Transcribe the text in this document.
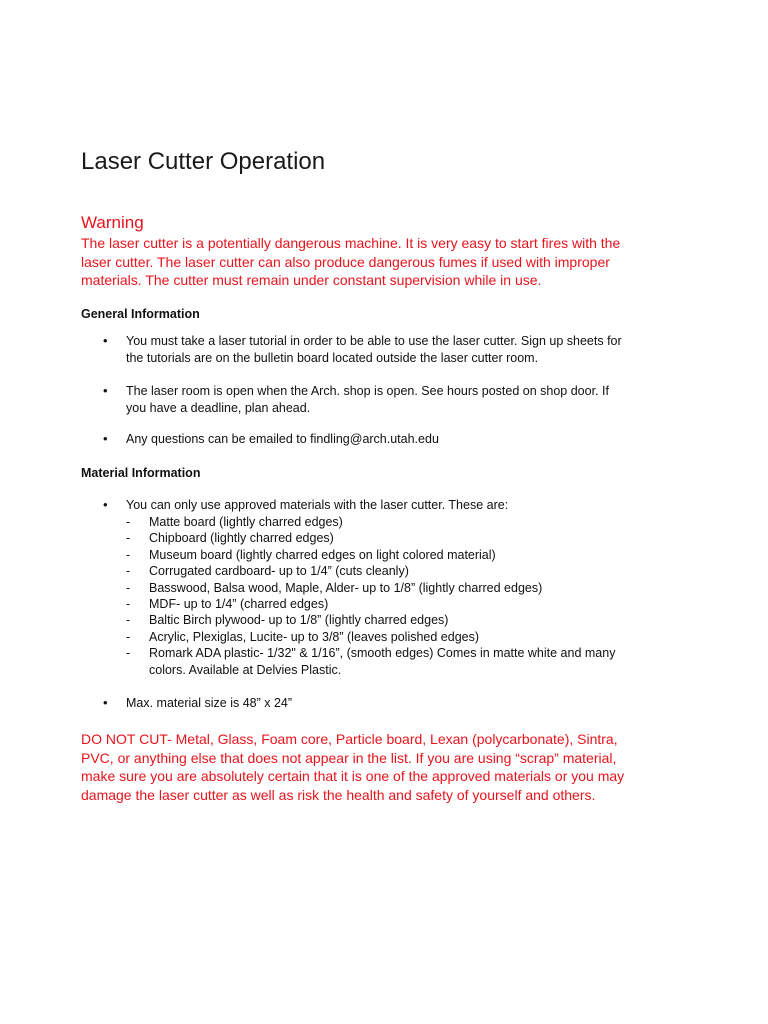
Laser Cutter Operation
Warning
The laser cutter is a potentially dangerous machine. It is very easy to start fires with the
laser cutter. The laser cutter can also produce dangerous fumes if used with improper
materials. The cutter must remain under constant supervision while in use.
General Information
• You must take a laser tutorial in order to be able to use the laser cutter. Sign up sheets for
the tutorials are on the bulletin board located outside the laser cutter room.
• The laser room is open when the Arch. shop is open. See hours posted on shop door. If
you have a deadline, plan ahead.
• Any questions can be emailed to findling@arch.utah.edu
Material Information
• You can only use approved materials with the laser cutter. These are:
- Matte board (lightly charred edges)
- Chipboard (lightly charred edges)
- Museum board (lightly charred edges on light colored material)
- Corrugated cardboard- up to 1/4” (cuts cleanly)
- Basswood, Balsa wood, Maple, Alder- up to 1/8” (lightly charred edges)
- MDF- up to 1/4” (charred edges)
- Baltic Birch plywood- up to 1/8” (lightly charred edges)
- Acrylic, Plexiglas, Lucite- up to 3/8” (leaves polished edges)
- Romark ADA plastic- 1/32" & 1/16”, (smooth edges) Comes in matte white and many
colors. Available at Delvies Plastic.
• Max. material size is 48” x 24”
DO NOT CUT- Metal, Glass, Foam core, Particle board, Lexan (polycarbonate), Sintra,
PVC, or anything else that does not appear in the list. If you are using “scrap” material,
make sure you are absolutely certain that it is one of the approved materials or you may
damage the laser cutter as well as risk the health and safety of yourself and others.
